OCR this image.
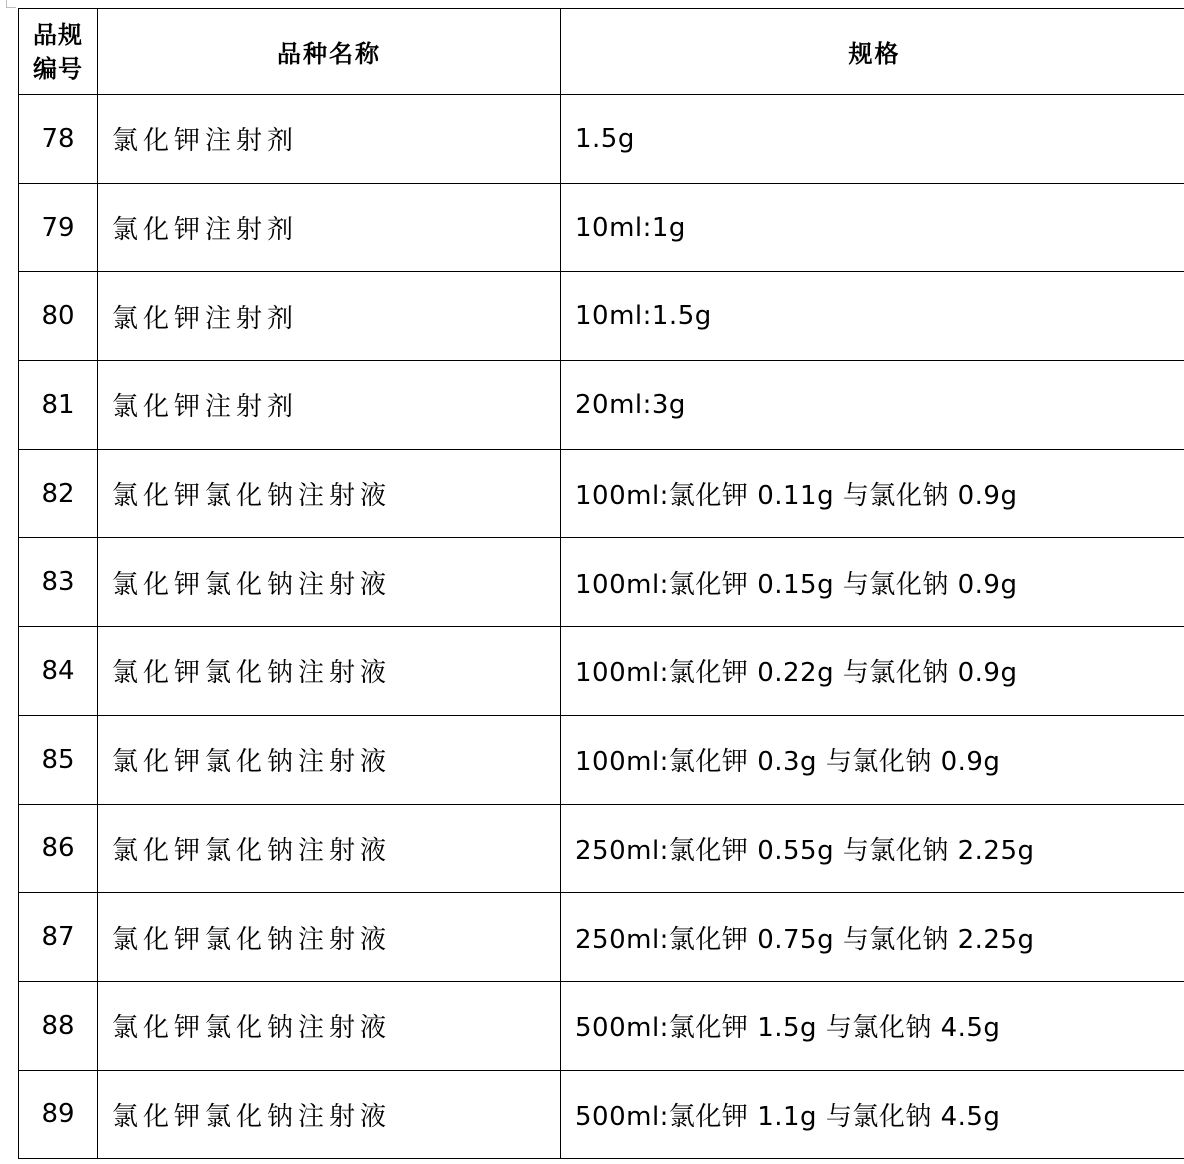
品规
编号	品种名称	规格
78	氯化钾注射剂	1.5g
79	氯化钾注射剂	10ml:1g
80	氯化钾注射剂	10ml:1.5g
81	氯化钾注射剂	20ml:3g
82	氯化钾氯化钠注射液	100ml:氯化钾 0.11g 与氯化钠 0.9g
83	氯化钾氯化钠注射液	100ml:氯化钾 0.15g 与氯化钠 0.9g
84	氯化钾氯化钠注射液	100ml:氯化钾 0.22g 与氯化钠 0.9g
85	氯化钾氯化钠注射液	100ml:氯化钾 0.3g 与氯化钠 0.9g
86	氯化钾氯化钠注射液	250ml:氯化钾 0.55g 与氯化钠 2.25g
87	氯化钾氯化钠注射液	250ml:氯化钾 0.75g 与氯化钠 2.25g
88	氯化钾氯化钠注射液	500ml:氯化钾 1.5g 与氯化钠 4.5g
89	氯化钾氯化钠注射液	500ml:氯化钾 1.1g 与氯化钠 4.5g
